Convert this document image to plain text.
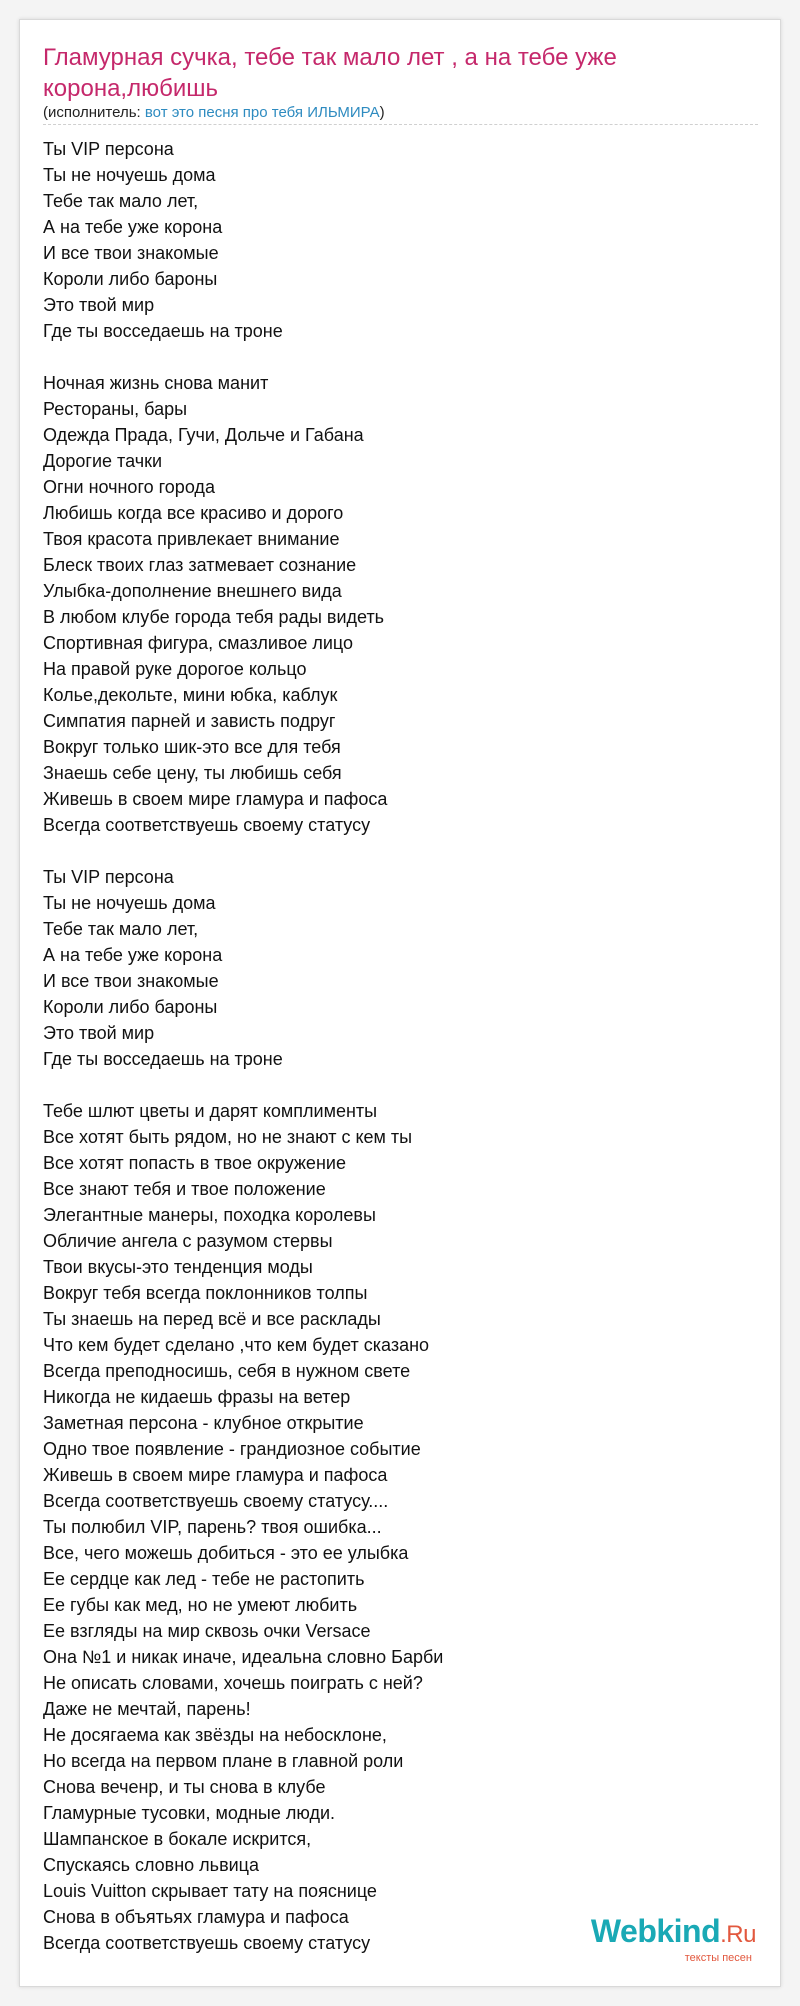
Гламурная сучка, тебе так мало лет , а на тебе уже корона,любишь
(исполнитель: вот это песня про тебя ИЛЬМИРА)
Ты VIP персона
Ты не ночуешь дома
Тебе так мало лет,
А на тебе уже корона
И все твои знакомые
Короли либо бароны
Это твой мир
Где ты восседаешь на троне
Ночная жизнь снова манит
Рестораны, бары
Одежда Прада, Гучи, Дольче и Габана
Дорогие тачки
Огни ночного города
Любишь когда все красиво и дорого
Твоя красота привлекает внимание
Блеск твоих глаз затмевает сознание
Улыбка-дополнение внешнего вида
В любом клубе города тебя рады видеть
Спортивная фигура, смазливое лицо
На правой руке дорогое кольцо
Колье,декольте, мини юбка, каблук
Симпатия парней и зависть подруг
Вокруг только шик-это все для тебя
Знаешь себе цену, ты любишь себя
Живешь в своем мире гламура и пафоса
Всегда соответствуешь своему статусу
Ты VIP персона
Ты не ночуешь дома
Тебе так мало лет,
А на тебе уже корона
И все твои знакомые
Короли либо бароны
Это твой мир
Где ты восседаешь на троне
Тебе шлют цветы и дарят комплименты
Все хотят быть рядом, но не знают с кем ты
Все хотят попасть в твое окружение
Все знают тебя и твое положение
Элегантные манеры, походка королевы
Обличие ангела с разумом стервы
Твои вкусы-это тенденция моды
Вокруг тебя всегда поклонников толпы
Ты знаешь на перед всё и все расклады
Что кем будет сделано ,что кем будет сказано
Всегда преподносишь, себя в нужном свете
Никогда не кидаешь фразы на ветер
Заметная персона - клубное открытие
Одно твое появление - грандиозное событие
Живешь в своем мире гламура и пафоса
Всегда соответствуешь своему статусу....
Ты полюбил VIP, парень? твоя ошибка...
Все, чего можешь добиться - это ее улыбка
Ее сердце как лед - тебе не растопить
Ее губы как мед, но не умеют любить
Ее взгляды на мир сквозь очки Versace
Она №1 и никак иначе, идеальна словно Барби
Не описать словами, хочешь поиграть с ней?
Даже не мечтай, парень!
Не досягаема как звёзды на небосклоне,
Но всегда на первом плане в главной роли
Снова веченр, и ты снова в клубе
Гламурные тусовки, модные люди.
Шампанское в бокале искрится,
Спускаясь словно львица
Louis Vuitton скрывает тату на пояснице
Снова в объятьях гламура и пафоса
Всегда соответствуешь своему статусу	Webkind.Ru
тексты песен
